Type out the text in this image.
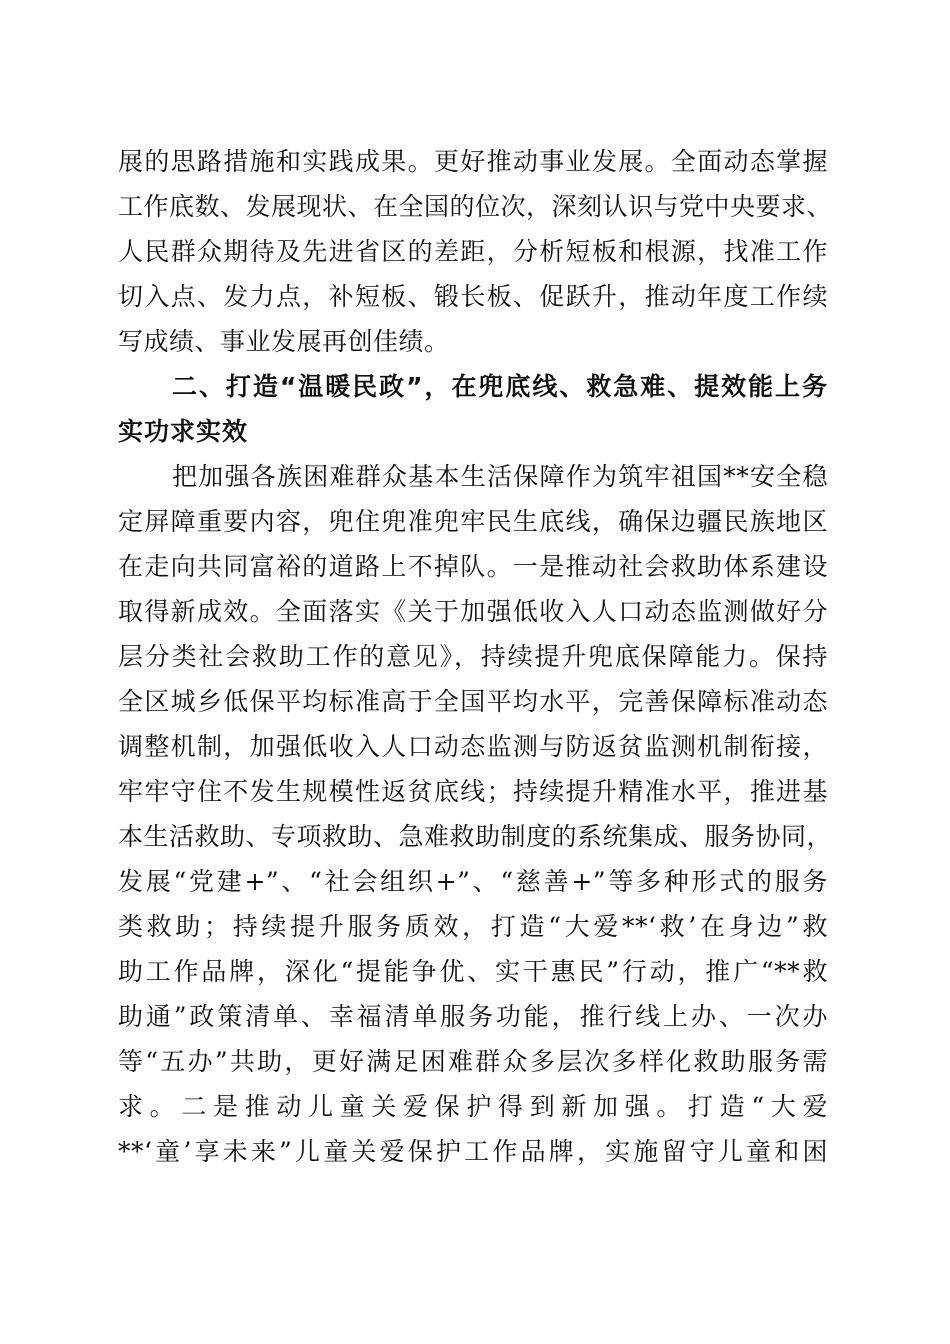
展的思路措施和实践成果。更好推动事业发展。全面动态掌握
工作底数、发展现状、在全国的位次，深刻认识与党中央要求、
人民群众期待及先进省区的差距，分析短板和根源，找准工作
切入点、发力点，补短板、锻长板、促跃升，推动年度工作续
写成绩、事业发展再创佳绩。
二、打造“温暖民政”，在兜底线、救急难、提效能上务
实功求实效
把加强各族困难群众基本生活保障作为筑牢祖国**安全稳
定屏障重要内容，兜住兜准兜牢民生底线，确保边疆民族地区
在走向共同富裕的道路上不掉队。一是推动社会救助体系建设
取得新成效。全面落实《关于加强低收入人口动态监测做好分
层分类社会救助工作的意见》，持续提升兜底保障能力。保持
全区城乡低保平均标准高于全国平均水平，完善保障标准动态
调整机制，加强低收入人口动态监测与防返贫监测机制衔接，
牢牢守住不发生规模性返贫底线；持续提升精准水平，推进基
本生活救助、专项救助、急难救助制度的系统集成、服务协同，
发展“党建+”、“社会组织+”、“慈善+”等多种形式的服务
类救助；持续提升服务质效，打造“大爱**‘救’在身边”救
助工作品牌，深化“提能争优、实干惠民”行动，推广“**救
助通”政策清单、幸福清单服务功能，推行线上办、一次办
等“五办”共助，更好满足困难群众多层次多样化救助服务需
求。二是推动儿童关爱保护得到新加强。打造“大爱
**‘童’享未来”儿童关爱保护工作品牌，实施留守儿童和困
